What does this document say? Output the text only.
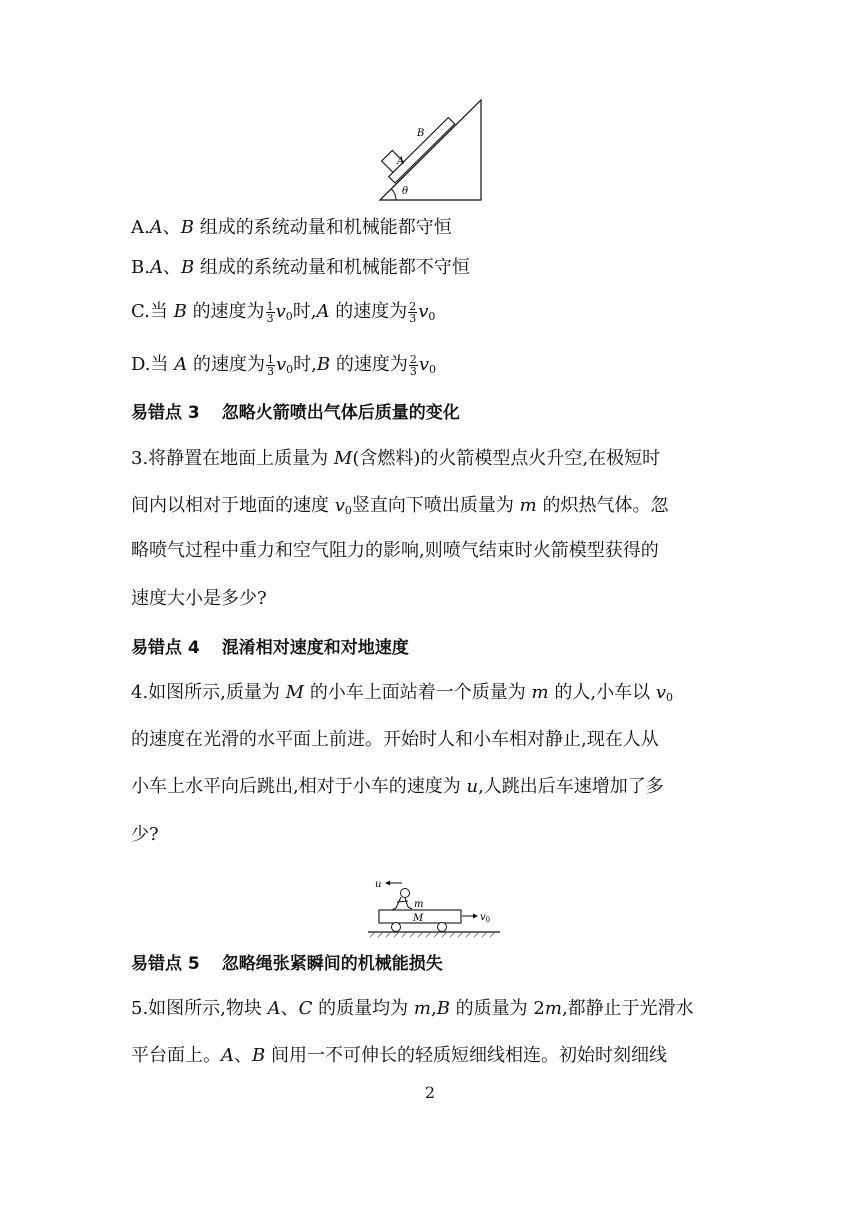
B
A
θ
A.A、B 组成的系统动量和机械能都守恒
B.A、B 组成的系统动量和机械能都不守恒
C.当 B 的速度为 $\frac{1}{3} v_0$时,A 的速度为 $\frac{2}{3} v_0$
D.当 A 的速度为 $\frac{1}{3} v_0$时,B 的速度为 $\frac{2}{3} v_0$
易错点 3 忽略火箭喷出气体后质量的变化
3.将静置在地面上质量为 M(含燃料)的火箭模型点火升空,在极短时
间内以相对于地面的速度 $v_0$竖直向下喷出质量为 m 的炽热气体。忽
略喷气过程中重力和空气阻力的影响,则喷气结束时火箭模型获得的
速度大小是多少?
易错点 4 混淆相对速度和对地速度
4.如图所示,质量为 M 的小车上面站着一个质量为 m 的人,小车以 $v_0$
的速度在光滑的水平面上前进。开始时人和小车相对静止,现在人从
小车上水平向后跳出,相对于小车的速度为 u,人跳出后车速增加了多
少?
u
m
M	$v_0$
易错点 5 忽略绳张紧瞬间的机械能损失
5.如图所示,物块 A、C 的质量均为 m,B 的质量为 2m,都静止于光滑水
平台面上。A、B 间用一不可伸长的轻质短细线相连。初始时刻细线
2
